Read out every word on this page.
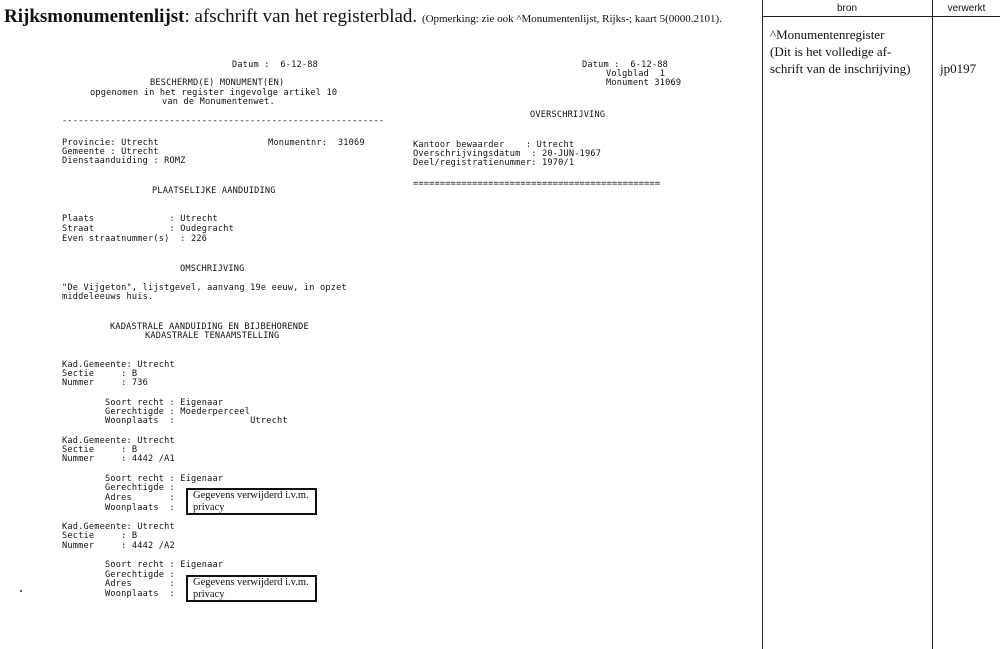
Rijksmonumentenlijst: afschrift van het registerblad. (Opmerking: zie ook ^Monumentenlijst, Rijks-; kaart 5(0000.2101).
bron	verwerkt
^Monumentenregister
(Dit is het volledige af-
schrift van de inschrijving) jp0197
Datum :  6-12-88
BESCHERMD(E) MONUMENT(EN)
opgenomen in het register ingevolge artikel 10
van de Monumentenwet.
------------------------------------------------------------
Provincie: Utrecht	Monumentnr:  31069
Gemeente : Utrecht
Dienstaanduiding : ROMZ
PLAATSELIJKE AANDUIDING
Plaats              : Utrecht
Straat              : Oudegracht
Even straatnummer(s)  : 226
OMSCHRIJVING
"De Vijgeton", lijstgevel, aanvang 19e eeuw, in opzet
middeleeuws huis.
KADASTRALE AANDUIDING EN BIJBEHORENDE
KADASTRALE TENAAMSTELLING
Kad.Gemeente: Utrecht
Sectie     : B
Nummer     : 736
Soort recht : Eigenaar
Gerechtigde : Moederperceel
Woonplaats  :              Utrecht
Kad.Gemeente: Utrecht
Sectie     : B
Nummer     : 4442 /A1
Soort recht : Eigenaar
Gerechtigde :
Adres       :
Woonplaats  :
Gegevens verwijderd i.v.m.
privacy
Kad.Gemeente: Utrecht
Sectie     : B
Nummer     : 4442 /A2
Soort recht : Eigenaar
Gerechtigde :
Adres       :
Woonplaats  :
Gegevens verwijderd i.v.m.
privacy
Datum :  6-12-88
Volgblad  1
Monument 31069
OVERSCHRIJVING
Kantoor bewaarder    : Utrecht
Overschrijvingsdatum  : 20-JUN-1967
Deel/registratienummer: 1970/1
==============================================
